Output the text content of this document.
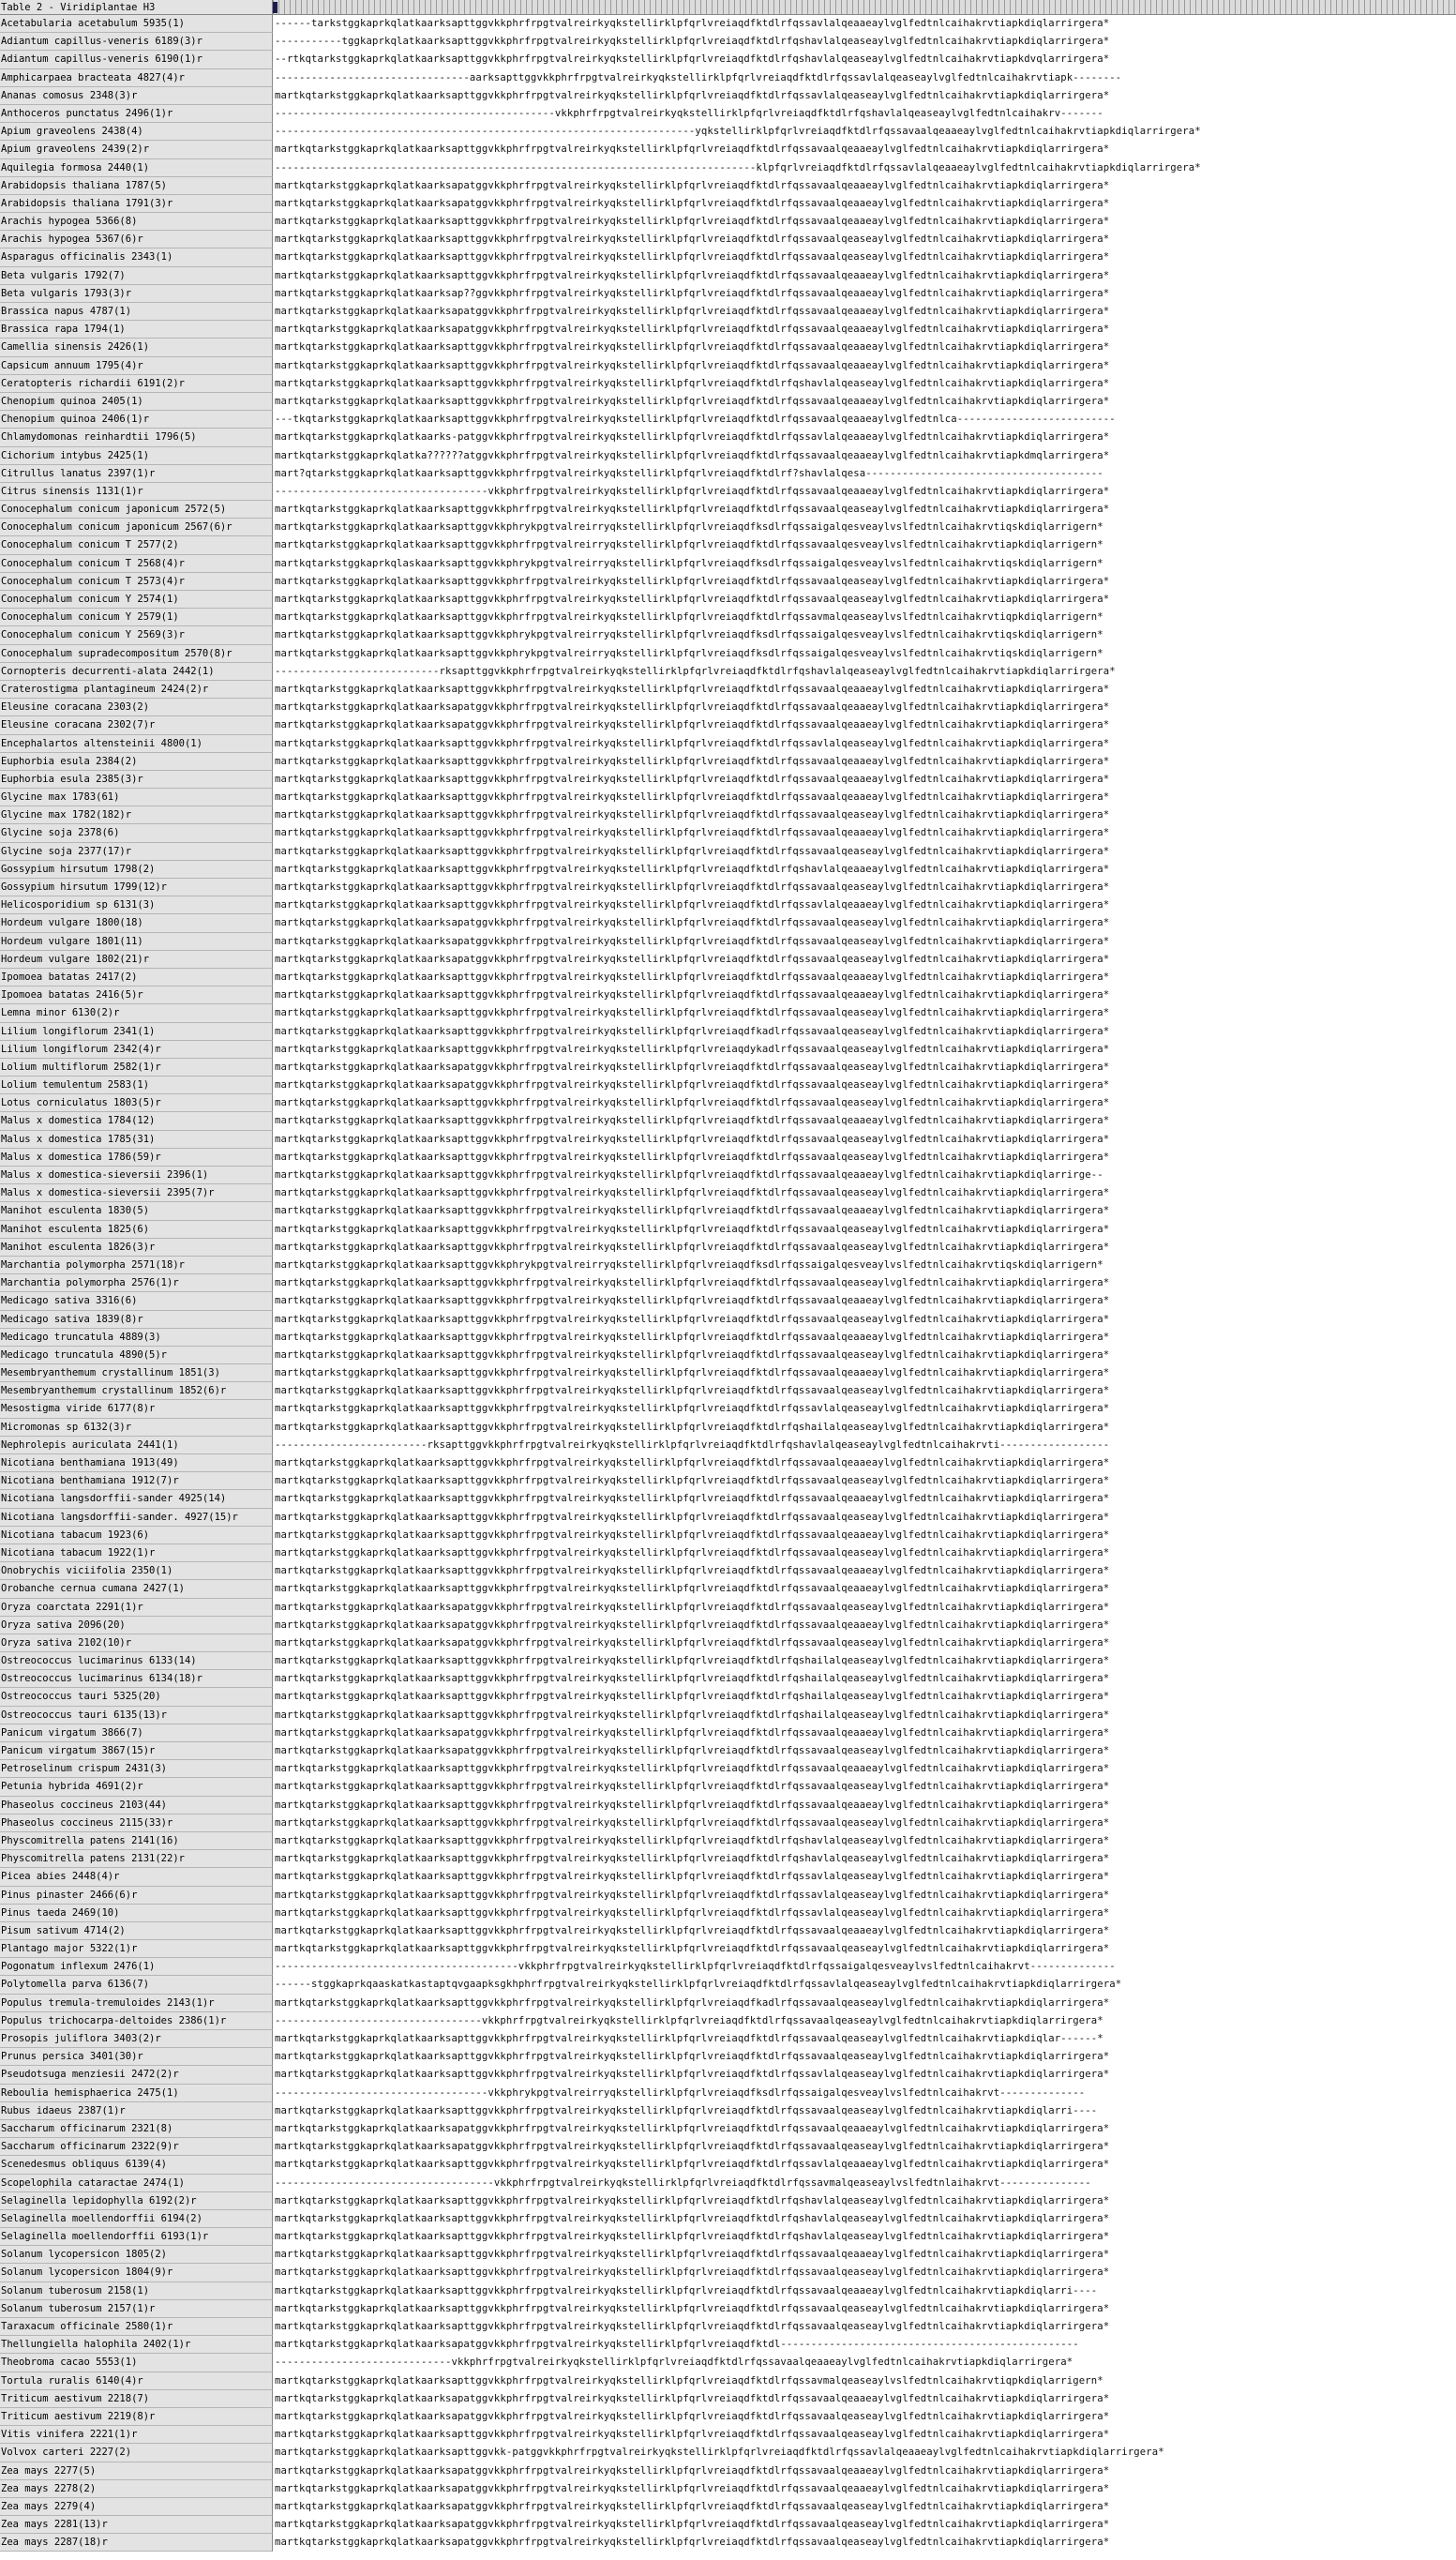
Table 2 - Viridiplantae H3
Acetabularia acetabulum 5935(1)	------tarkstggkaprkqlatkaarksapttggvkkphrfrpgtvalreirkyqkstellirklpfqrlvreiaqdfktdlrfqssavlalqeaaeaylvglfedtnlcaihakrvtiapkdiqlarrirgera*
Adiantum capillus-veneris 6189(3)r	-----------tggkaprkqlatkaarksapttggvkkphrfrpgtvalreirkyqkstellirklpfqrlvreiaqdfktdlrfqshavlalqeaseaylvglfedtnlcaihakrvtiapkdiqlarrirgera*
Adiantum capillus-veneris 6190(1)r	--rtkqtarkstggkaprkqlatkaarksapttggvkkphrfrpgtvalreirkyqkstellirklpfqrlvreiaqdfktdlrfqshavlalqeaseaylvglfedtnlcaihakrvtiapkdvqlarrirgera*
Amphicarpaea bracteata 4827(4)r	--------------------------------aarksapttggvkkphrfrpgtvalreirkyqkstellirklpfqrlvreiaqdfktdlrfqssavlalqeaseaylvglfedtnlcaihakrvtiapk--------
Ananas comosus 2348(3)r	martkqtarkstggkaprkqlatkaarksapttggvkkphrfrpgtvalreirkyqkstellirklpfqrlvreiaqdfktdlrfqssavlalqeaseaylvglfedtnlcaihakrvtiapkdiqlarrirgera*
Anthoceros punctatus 2496(1)r	----------------------------------------------vkkphrfrpgtvalreirkyqkstellirklpfqrlvreiaqdfktdlrfqshavlalqeaseaylvglfedtnlcaihakrv-------
Apium graveolens 2438(4)	---------------------------------------------------------------------yqkstellirklpfqrlvreiaqdfktdlrfqssavaalqeaaeaylvglfedtnlcaihakrvtiapkdiqlarrirgera*
Apium graveolens 2439(2)r	martkqtarkstggkaprkqlatkaarksapttggvkkphrfrpgtvalreirkyqkstellirklpfqrlvreiaqdfktdlrfqssavaalqeaaeaylvglfedtnlcaihakrvtiapkdiqlarrirgera*
Aquilegia formosa 2440(1)	-------------------------------------------------------------------------------klpfqrlvreiaqdfktdlrfqssavlalqeaaeaylvglfedtnlcaihakrvtiapkdiqlarrirgera*
Arabidopsis thaliana 1787(5)	martkqtarkstggkaprkqlatkaarksapatggvkkphrfrpgtvalreirkyqkstellirklpfqrlvreiaqdfktdlrfqssavaalqeaaeaylvglfedtnlcaihakrvtiapkdiqlarrirgera*
Arabidopsis thaliana 1791(3)r	martkqtarkstggkaprkqlatkaarksapatggvkkphrfrpgtvalreirkyqkstellirklpfqrlvreiaqdfktdlrfqssavaalqeaaeaylvglfedtnlcaihakrvtiapkdiqlarrirgera*
Arachis hypogea 5366(8)	martkqtarkstggkaprkqlatkaarksapttggvkkphrfrpgtvalreirkyqkstellirklpfqrlvreiaqdfktdlrfqssavaalqeaaeaylvglfedtnlcaihakrvtiapkdiqlarrirgera*
Arachis hypogea 5367(6)r	martkqtarkstggkaprkqlatkaarksapttggvkkphrfrpgtvalreirkyqkstellirklpfqrlvreiaqdfktdlrfqssavaalqeaseaylvglfedtnlcaihakrvtiapkdiqlarrirgera*
Asparagus officinalis 2343(1)	martkqtarkstggkaprkqlatkaarksapttggvkkphrfrpgtvalreirkyqkstellirklpfqrlvreiaqdfktdlrfqssavaalqeaseaylvglfedtnlcaihakrvtiapkdiqlarrirgera*
Beta vulgaris 1792(7)	martkqtarkstggkaprkqlatkaarksapttggvkkphrfrpgtvalreirkyqkstellirklpfqrlvreiaqdfktdlrfqssavaalqeaaeaylvglfedtnlcaihakrvtiapkdiqlarrirgera*
Beta vulgaris 1793(3)r	martkqtarkstggkaprkqlatkaarksap??ggvkkphrfrpgtvalreirkyqkstellirklpfqrlvreiaqdfktdlrfqssavaalqeaaeaylvglfedtnlcaihakrvtiapkdiqlarrirgera*
Brassica napus 4787(1)	martkqtarkstggkaprkqlatkaarksapatggvkkphrfrpgtvalreirkyqkstellirklpfqrlvreiaqdfktdlrfqssavaalqeaaeaylvglfedtnlcaihakrvtiapkdiqlarrirgera*
Brassica rapa 1794(1)	martkqtarkstggkaprkqlatkaarksapatggvkkphrfrpgtvalreirkyqkstellirklpfqrlvreiaqdfktdlrfqssavaalqeaaeaylvglfedtnlcaihakrvtiapkdiqlarrirgera*
Camellia sinensis 2426(1)	martkqtarkstggkaprkqlatkaarksapttggvkkphrfrpgtvalreirkyqkstellirklpfqrlvreiaqdfktdlrfqssavaalqeaaeaylvglfedtnlcaihakrvtiapkdiqlarrirgera*
Capsicum annuum 1795(4)r	martkqtarkstggkaprkqlatkaarksapttggvkkphrfrpgtvalreirkyqkstellirklpfqrlvreiaqdfktdlrfqssavaalqeaaeaylvglfedtnlcaihakrvtiapkdiqlarrirgera*
Ceratopteris richardii 6191(2)r	martkqtarkstggkaprkqlatkaarksapttggvkkphrfrpgtvalreirkyqkstellirklpfqrlvreiaqdfktdlrfqshavlalqeaseaylvglfedtnlcaihakrvtiapkdiqlarrirgera*
Chenopium quinoa 2405(1)	martkqtarkstggkaprkqlatkaarksapttggvkkphrfrpgtvalreirkyqkstellirklpfqrlvreiaqdfktdlrfqssavaalqeaaeaylvglfedtnlcaihakrvtiapkdiqlarrirgera*
Chenopium quinoa 2406(1)r	---tkqtarkstggkaprkqlatkaarksapttggvkkphrfrpgtvalreirkyqkstellirklpfqrlvreiaqdfktdlrfqssavaalqeaaeaylvglfedtnlca--------------------------
Chlamydomonas reinhardtii 1796(5)	martkqtarkstggkaprkqlatkaarks-patggvkkphrfrpgtvalreirkyqkstellirklpfqrlvreiaqdfktdlrfqssavlalqeaaeaylvglfedtnlcaihakrvtiapkdiqlarrirgera*
Cichorium intybus 2425(1)	martkqtarkstggkaprkqlatka??????atggvkkphrfrpgtvalreirkyqkstellirklpfqrlvreiaqdfktdlrfqssavaalqeaaeaylvglfedtnlcaihakrvtiapkdmqlarrirgera*
Citrullus lanatus 2397(1)r	mart?qtarkstggkaprkqlatkaarksapttggvkkphrfrpgtvalreirkyqkstellirklpfqrlvreiaqdfktdlrf?shavlalqesa---------------------------------------
Citrus sinensis 1131(1)r	-----------------------------------vkkphrfrpgtvalreirkyqkstellirklpfqrlvreiaqdfktdlrfqssavaalqeaaeaylvglfedtnlcaihakrvtiapkdiqlarrirgera*
Conocephalum conicum japonicum 2572(5)	martkqtarkstggkaprkqlatkaarksapttggvkkphrfrpgtvalreirkyqkstellirklpfqrlvreiaqdfktdlrfqssavaalqeaseaylvglfedtnlcaihakrvtiapkdiqlarrirgera*
Conocephalum conicum japonicum 2567(6)r	martkqtarkstggkaprkqlatkaarksapttggvkkphrykpgtvalreirryqkstellirklpfqrlvreiaqdfksdlrfqssaigalqesveaylvslfedtnlcaihakrvtiqskdiqlarrigern*
Conocephalum conicum T 2577(2)	martkqtarkstggkaprkqlatkaarksapttggvkkphrfrpgtvalreirryqkstellirklpfqrlvreiaqdfktdlrfqssavaalqesveaylvslfedtnlcaihakrvtiapkdiqlarrigern*
Conocephalum conicum T 2568(4)r	martkqtarkstggkaprkqlaskaarksapttggvkkphrykpgtvalreirryqkstellirklpfqrlvreiaqdfksdlrfqssaigalqesveaylvslfedtnlcaihakrvtiqskdiqlarrigern*
Conocephalum conicum T 2573(4)r	martkqtarkstggkaprkqlatkaarksapttggvkkphrfrpgtvalreirkyqkstellirklpfqrlvreiaqdfktdlrfqssavaalqeaseaylvglfedtnlcaihakrvtiapkdiqlarrirgera*
Conocephalum conicum Y 2574(1)	martkqtarkstggkaprkqlatkaarksapttggvkkphrfrpgtvalreirkyqkstellirklpfqrlvreiaqdfktdlrfqssavaalqeaseaylvglfedtnlcaihakrvtiapkdiqlarrirgera*
Conocephalum conicum Y 2579(1)	martkqtarkstggkaprkqlatkaarksapttggvkkphrfrpgtvalreirkyqkstellirklpfqrlvreiaqdfktdlrfqssavmalqeaseaylvslfedtnlcaihakrvtiqpkdiqlarrigern*
Conocephalum conicum Y 2569(3)r	martkqtarkstggkaprkqlatkaarksapttggvkkphrykpgtvalreirryqkstellirklpfqrlvreiaqdfksdlrfqssaigalqesveaylvslfedtnlcaihakrvtiqskdiqlarrigern*
Conocephalum supradecompositum 2570(8)r	martkqtarkstggkaprkqlatkaarksapttggvkkphrykpgtvalreirryqkstellirklpfqrlvreiaqdfksdlrfqssaigalqesveaylvslfedtnlcaihakrvtiqskdiqlarrigern*
Cornopteris decurrenti-alata 2442(1)	---------------------------rksapttggvkkphrfrpgtvalreirkyqkstellirklpfqrlvreiaqdfktdlrfqshavlalqeaseaylvglfedtnlcaihakrvtiapkdiqlarrirgera*
Craterostigma plantagineum 2424(2)r	martkqtarkstggkaprkqlatkaarksapttggvkkphrfrpgtvalreirkyqkstellirklpfqrlvreiaqdfktdlrfqssavaalqeaaeaylvglfedtnlcaihakrvtiapkdiqlarrirgera*
Eleusine coracana 2303(2)	martkqtarkstggkaprkqlatkaarksapatggvkkphrfrpgtvalreirkyqkstellirklpfqrlvreiaqdfktdlrfqssavaalqeaaeaylvglfedtnlcaihakrvtiapkdiqlarrirgera*
Eleusine coracana 2302(7)r	martkqtarkstggkaprkqlatkaarksapatggvkkphrfrpgtvalreirkyqkstellirklpfqrlvreiaqdfktdlrfqssavaalqeaaeaylvglfedtnlcaihakrvtiapkdiqlarrirgera*
Encephalartos altensteinii 4800(1)	martkqtarkstggkaprkqlatkaarksapttggvkkphrfrpgtvalreirkyqkstellirklpfqrlvreiaqdfktdlrfqssavlalqeaseaylvglfedtnlcaihakrvtiapkdiqlarrirgera*
Euphorbia esula 2384(2)	martkqtarkstggkaprkqlatkaarksapttggvkkphrfrpgtvalreirkyqkstellirklpfqrlvreiaqdfktdlrfqssavaalqeaaeaylvglfedtnlcaihakrvtiapkdiqlarrirgera*
Euphorbia esula 2385(3)r	martkqtarkstggkaprkqlatkaarksapttggvkkphrfrpgtvalreirkyqkstellirklpfqrlvreiaqdfktdlrfqssavaalqeaaeaylvglfedtnlcaihakrvtiapkdiqlarrirgera*
Glycine max 1783(61)	martkqtarkstggkaprkqlatkaarksapttggvkkphrfrpgtvalreirkyqkstellirklpfqrlvreiaqdfktdlrfqssavaalqeaaeaylvglfedtnlcaihakrvtiapkdiqlarrirgera*
Glycine max 1782(182)r	martkqtarkstggkaprkqlatkaarksapttggvkkphrfrpgtvalreirkyqkstellirklpfqrlvreiaqdfktdlrfqssavaalqeaseaylvglfedtnlcaihakrvtiapkdiqlarrirgera*
Glycine soja 2378(6)	martkqtarkstggkaprkqlatkaarksapttggvkkphrfrpgtvalreirkyqkstellirklpfqrlvreiaqdfktdlrfqssavaalqeaaeaylvglfedtnlcaihakrvtiapkdiqlarrirgera*
Glycine soja 2377(17)r	martkqtarkstggkaprkqlatkaarksapttggvkkphrfrpgtvalreirkyqkstellirklpfqrlvreiaqdfktdlrfqssavaalqeaseaylvglfedtnlcaihakrvtiapkdiqlarrirgera*
Gossypium hirsutum 1798(2)	martkqtarkstggkaprkqlatkaarksapttggvkkphrfrpgtvalreirkyqkstellirklpfqrlvreiaqdfktdlrfqshavlalqeaaeaylvglfedtnlcaihakrvtiapkdiqlarrirgera*
Gossypium hirsutum 1799(12)r	martkqtarkstggkaprkqlatkaarksapttggvkkphrfrpgtvalreirkyqkstellirklpfqrlvreiaqdfktdlrfqssavaalqeaseaylvglfedtnlcaihakrvtiapkdiqlarrirgera*
Helicosporidium sp 6131(3)	martkqtarkstggkaprkqlatkaarksapttggvkkphrfrpgtvalreirkyqkstellirklpfqrlvreiaqdfktdlrfqssavlalqeaaeaylvglfedtnlcaihakrvtiapkdiqlarrirgera*
Hordeum vulgare 1800(18)	martkqtarkstggkaprkqlatkaarksapatggvkkphrfrpgtvalreirkyqkstellirklpfqrlvreiaqdfktdlrfqssavaalqeaseaylvglfedtnlcaihakrvtiapkdiqlarrirgera*
Hordeum vulgare 1801(11)	martkqtarkstggkaprkqlatkaarksapatggvkkphrfrpgtvalreirkyqkstellirklpfqrlvreiaqdfktdlrfqssavaalqeaseaylvglfedtnlcaihakrvtiapkdiqlarrirgera*
Hordeum vulgare 1802(21)r	martkqtarkstggkaprkqlatkaarksapatggvkkphrfrpgtvalreirkyqkstellirklpfqrlvreiaqdfktdlrfqssavaalqeaseaylvglfedtnlcaihakrvtiapkdiqlarrirgera*
Ipomoea batatas 2417(2)	martkqtarkstggkaprkqlatkaarksapttggvkkphrfrpgtvalreirkyqkstellirklpfqrlvreiaqdfktdlrfqssavaalqeaaeaylvglfedtnlcaihakrvtiapkdiqlarrirgera*
Ipomoea batatas 2416(5)r	martkqtarkstggkaprkqlatkaarksapttggvkkphrfrpgtvalreirkyqkstellirklpfqrlvreiaqdfktdlrfqssavaalqeaaeaylvglfedtnlcaihakrvtiapkdiqlarrirgera*
Lemna minor 6130(2)r	martkqtarkstggkaprkqlatkaarksapttggvkkphrfrpgtvalreirkyqkstellirklpfqrlvreiaqdfktdlrfqssavaalqeaseaylvglfedtnlcaihakrvtiapkdiqlarrirgera*
Lilium longiflorum 2341(1)	martkqtarkstggkaprkqlatkaarksapttggvkkphrfrpgtvalreirkyqkstellirklpfqrlvreiaqdfkadlrfqssavaalqeaseaylvglfedtnlcaihakrvtiapkdiqlarrirgera*
Lilium longiflorum 2342(4)r	martkqtarkstggkaprkqlatkaarksapttggvkkphrfrpgtvalreirkyqkstellirklpfqrlvreiaqdykadlrfqssavaalqeaseaylvglfedtnlcaihakrvtiapkdiqlarrirgera*
Lolium multiflorum 2582(1)r	martkqtarkstggkaprkqlatkaarksapatggvkkphrfrpgtvalreirkyqkstellirklpfqrlvreiaqdfktdlrfqssavaalqeaseaylvglfedtnlcaihakrvtiapkdiqlarrirgera*
Lolium temulentum 2583(1)	martkqtarkstggkaprkqlatkaarksapatggvkkphrfrpgtvalreirkyqkstellirklpfqrlvreiaqdfktdlrfqssavaalqeaseaylvglfedtnlcaihakrvtiapkdiqlarrirgera*
Lotus corniculatus 1803(5)r	martkqtarkstggkaprkqlatkaarksapttggvkkphrfrpgtvalreirkyqkstellirklpfqrlvreiaqdfktdlrfqssavaalqeaseaylvglfedtnlcaihakrvtiapkdiqlarrirgera*
Malus x domestica 1784(12)	martkqtarkstggkaprkqlatkaarksapttggvkkphrfrpgtvalreirkyqkstellirklpfqrlvreiaqdfktdlrfqssavaalqeaaeaylvglfedtnlcaihakrvtiapkdiqlarrirgera*
Malus x domestica 1785(31)	martkqtarkstggkaprkqlatkaarksapttggvkkphrfrpgtvalreirkyqkstellirklpfqrlvreiaqdfktdlrfqssavaalqeaseaylvglfedtnlcaihakrvtiapkdiqlarrirgera*
Malus x domestica 1786(59)r	martkqtarkstggkaprkqlatkaarksapttggvkkphrfrpgtvalreirkyqkstellirklpfqrlvreiaqdfktdlrfqssavaalqeaseaylvglfedtnlcaihakrvtiapkdiqlarrirgera*
Malus x domestica-sieversii 2396(1)	martkqtarkstggkaprkqlatkaarksapttggvkkphrfrpgtvalreirkyqkstellirklpfqrlvreiaqdfktdlrfqssavaalqeaaeaylvglfedtnlcaihakrvtiapkdiqlarrirge--
Malus x domestica-sieversii 2395(7)r	martkqtarkstggkaprkqlatkaarksapttggvkkphrfrpgtvalreirkyqkstellirklpfqrlvreiaqdfktdlrfqssavaalqeaseaylvglfedtnlcaihakrvtiapkdiqlarrirgera*
Manihot esculenta 1830(5)	martkqtarkstggkaprkqlatkaarksapttggvkkphrfrpgtvalreirkyqkstellirklpfqrlvreiaqdfktdlrfqssavaalqeaaeaylvglfedtnlcaihakrvtiapkdiqlarrirgera*
Manihot esculenta 1825(6)	martkqtarkstggkaprkqlatkaarksapttggvkkphrfrpgtvalreirkyqkstellirklpfqrlvreiaqdfktdlrfqssavaalqeaseaylvglfedtnlcaihakrvtiapkdiqlarrirgera*
Manihot esculenta 1826(3)r	martkqtarkstggkaprkqlatkaarksapttggvkkphrfrpgtvalreirkyqkstellirklpfqrlvreiaqdfktdlrfqssavaalqeaseaylvglfedtnlcaihakrvtiapkdiqlarrirgera*
Marchantia polymorpha 2571(18)r	martkqtarkstggkaprkqlatkaarksapttggvkkphrykpgtvalreirryqkstellirklpfqrlvreiaqdfksdlrfqssaigalqesveaylvslfedtnlcaihakrvtiqskdiqlarrigern*
Marchantia polymorpha 2576(1)r	martkqtarkstggkaprkqlatkaarksapttggvkkphrfrpgtvalreirkyqkstellirklpfqrlvreiaqdfktdlrfqssavaalqeaseaylvglfedtnlcaihakrvtiapkdiqlarrirgera*
Medicago sativa 3316(6)	martkqtarkstggkaprkqlatkaarksapttggvkkphrfrpgtvalreirkyqkstellirklpfqrlvreiaqdfktdlrfqssavaalqeaaeaylvglfedtnlcaihakrvtiapkdiqlarrirgera*
Medicago sativa 1839(8)r	martkqtarkstggkaprkqlatkaarksapttggvkkphrfrpgtvalreirkyqkstellirklpfqrlvreiaqdfktdlrfqssavaalqeaseaylvglfedtnlcaihakrvtiapkdiqlarrirgera*
Medicago truncatula 4889(3)	martkqtarkstggkaprkqlatkaarksapttggvkkphrfrpgtvalreirkyqkstellirklpfqrlvreiaqdfktdlrfqssavaalqeaaeaylvglfedtnlcaihakrvtiapkdiqlarrirgera*
Medicago truncatula 4890(5)r	martkqtarkstggkaprkqlatkaarksapttggvkkphrfrpgtvalreirkyqkstellirklpfqrlvreiaqdfktdlrfqssavaalqeaseaylvglfedtnlcaihakrvtiapkdiqlarrirgera*
Mesembryanthemum crystallinum 1851(3)	martkqtarkstggkaprkqlatkaarksapttggvkkphrfrpgtvalreirkyqkstellirklpfqrlvreiaqdfktdlrfqssavaalqeaaeaylvglfedtnlcaihakrvtiapkdiqlarrirgera*
Mesembryanthemum crystallinum 1852(6)r	martkqtarkstggkaprkqlatkaarksapttggvkkphrfrpgtvalreirkyqkstellirklpfqrlvreiaqdfktdlrfqssavaalqeaseaylvglfedtnlcaihakrvtiapkdiqlarrirgera*
Mesostigma viride 6177(8)r	martkqtarkstggkaprkqlatkaarksapttggvkkphrfrpgtvalreirkyqkstellirklpfqrlvreiaqdfktdlrfqssavlalqeaseaylvglfedtnlcaihakrvtiapkdiqlarrirgera*
Micromonas sp 6132(3)r	martkqtarkstggkaprkqlatkaarksapttggvkkphrfrpgtvalreirkyqkstellirklpfqrlvreiaqdfktdlrfqshailalqeaseaylvglfedtnlcaihakrvtiapkdiqlarrirgera*
Nephrolepis auriculata 2441(1)	-------------------------rksapttggvkkphrfrpgtvalreirkyqkstellirklpfqrlvreiaqdfktdlrfqshavlalqeaseaylvglfedtnlcaihakrvti------------------
Nicotiana benthamiana 1913(49)	martkqtarkstggkaprkqlatkaarksapttggvkkphrfrpgtvalreirkyqkstellirklpfqrlvreiaqdfktdlrfqssavaalqeaaeaylvglfedtnlcaihakrvtiapkdiqlarrirgera*
Nicotiana benthamiana 1912(7)r	martkqtarkstggkaprkqlatkaarksapttggvkkphrfrpgtvalreirkyqkstellirklpfqrlvreiaqdfktdlrfqssavaalqeaseaylvglfedtnlcaihakrvtiapkdiqlarrirgera*
Nicotiana langsdorffii-sander 4925(14)	martkqtarkstggkaprkqlatkaarksapttggvkkphrfrpgtvalreirkyqkstellirklpfqrlvreiaqdfktdlrfqssavaalqeaaeaylvglfedtnlcaihakrvtiapkdiqlarrirgera*
Nicotiana langsdorffii-sander. 4927(15)r	martkqtarkstggkaprkqlatkaarksapttggvkkphrfrpgtvalreirkyqkstellirklpfqrlvreiaqdfktdlrfqssavaalqeaseaylvglfedtnlcaihakrvtiapkdiqlarrirgera*
Nicotiana tabacum 1923(6)	martkqtarkstggkaprkqlatkaarksapttggvkkphrfrpgtvalreirkyqkstellirklpfqrlvreiaqdfktdlrfqssavaalqeaaeaylvglfedtnlcaihakrvtiapkdiqlarrirgera*
Nicotiana tabacum 1922(1)r	martkqtarkstggkaprkqlatkaarksapttggvkkphrfrpgtvalreirkyqkstellirklpfqrlvreiaqdfktdlrfqssavaalqeaseaylvglfedtnlcaihakrvtiapkdiqlarrirgera*
Onobrychis viciifolia 2350(1)	martkqtarkstggkaprkqlatkaarksapttggvkkphrfrpgtvalreirkyqkstellirklpfqrlvreiaqdfktdlrfqssavaalqeaaeaylvglfedtnlcaihakrvtiapkdiqlarrirgera*
Orobanche cernua cumana 2427(1)	martkqtarkstggkaprkqlatkaarksapttggvkkphrfrpgtvalreirkyqkstellirklpfqrlvreiaqdfktdlrfqssavaalqeaaeaylvglfedtnlcaihakrvtiapkdiqlarrirgera*
Oryza coarctata 2291(1)r	martkqtarkstggkaprkqlatkaarksapatggvkkphrfrpgtvalreirkyqkstellirklpfqrlvreiaqdfktdlrfqssavaalqeaseaylvglfedtnlcaihakrvtiapkdiqlarrirgera*
Oryza sativa 2096(20)	martkqtarkstggkaprkqlatkaarksapatggvkkphrfrpgtvalreirkyqkstellirklpfqrlvreiaqdfktdlrfqssavaalqeaaeaylvglfedtnlcaihakrvtiapkdiqlarrirgera*
Oryza sativa 2102(10)r	martkqtarkstggkaprkqlatkaarksapatggvkkphrfrpgtvalreirkyqkstellirklpfqrlvreiaqdfktdlrfqssavaalqeaseaylvglfedtnlcaihakrvtiapkdiqlarrirgera*
Ostreococcus lucimarinus 6133(14)	martkqtarkstggkaprkqlatkaarksapttggvkkphrfrpgtvalreirkyqkstellirklpfqrlvreiaqdfktdlrfqshailalqeaseaylvglfedtnlcaihakrvtiapkdiqlarrirgera*
Ostreococcus lucimarinus 6134(18)r	martkqtarkstggkaprkqlatkaarksapttggvkkphrfrpgtvalreirkyqkstellirklpfqrlvreiaqdfktdlrfqshailalqeaseaylvglfedtnlcaihakrvtiapkdiqlarrirgera*
Ostreococcus tauri 5325(20)	martkqtarkstggkaprkqlatkaarksapttggvkkphrfrpgtvalreirkyqkstellirklpfqrlvreiaqdfktdlrfqshailalqeaseaylvglfedtnlcaihakrvtiapkdiqlarrirgera*
Ostreococcus tauri 6135(13)r	martkqtarkstggkaprkqlatkaarksapttggvkkphrfrpgtvalreirkyqkstellirklpfqrlvreiaqdfktdlrfqshailalqeaseaylvglfedtnlcaihakrvtiapkdiqlarrirgera*
Panicum virgatum 3866(7)	martkqtarkstggkaprkqlatkaarksapatggvkkphrfrpgtvalreirkyqkstellirklpfqrlvreiaqdfktdlrfqssavaalqeaaeaylvglfedtnlcaihakrvtiapkdiqlarrirgera*
Panicum virgatum 3867(15)r	martkqtarkstggkaprkqlatkaarksapatggvkkphrfrpgtvalreirkyqkstellirklpfqrlvreiaqdfktdlrfqssavaalqeaseaylvglfedtnlcaihakrvtiapkdiqlarrirgera*
Petroselinum crispum 2431(3)	martkqtarkstggkaprkqlatkaarksapttggvkkphrfrpgtvalreirkyqkstellirklpfqrlvreiaqdfktdlrfqssavaalqeaaeaylvglfedtnlcaihakrvtiapkdiqlarrirgera*
Petunia hybrida 4691(2)r	martkqtarkstggkaprkqlatkaarksapttggvkkphrfrpgtvalreirkyqkstellirklpfqrlvreiaqdfktdlrfqssavaalqeaseaylvglfedtnlcaihakrvtiapkdiqlarrirgera*
Phaseolus coccineus 2103(44)	martkqtarkstggkaprkqlatkaarksapttggvkkphrfrpgtvalreirkyqkstellirklpfqrlvreiaqdfktdlrfqssavaalqeaaeaylvglfedtnlcaihakrvtiapkdiqlarrirgera*
Phaseolus coccineus 2115(33)r	martkqtarkstggkaprkqlatkaarksapttggvkkphrfrpgtvalreirkyqkstellirklpfqrlvreiaqdfktdlrfqssavaalqeaseaylvglfedtnlcaihakrvtiapkdiqlarrirgera*
Physcomitrella patens 2141(16)	martkqtarkstggkaprkqlatkaarksapttggvkkphrfrpgtvalreirkyqkstellirklpfqrlvreiaqdfktdlrfqshavlalqeaseaylvglfedtnlcaihakrvtiapkdiqlarrirgera*
Physcomitrella patens 2131(22)r	martkqtarkstggkaprkqlatkaarksapttggvkkphrfrpgtvalreirkyqkstellirklpfqrlvreiaqdfktdlrfqshavlalqeaseaylvglfedtnlcaihakrvtiapkdiqlarrirgera*
Picea abies 2448(4)r	martkqtarkstggkaprkqlatkaarksapttggvkkphrfrpgtvalreirkyqkstellirklpfqrlvreiaqdfktdlrfqssavlalqeaseaylvglfedtnlcaihakrvtiapkdiqlarrirgera*
Pinus pinaster 2466(6)r	martkqtarkstggkaprkqlatkaarksapttggvkkphrfrpgtvalreirkyqkstellirklpfqrlvreiaqdfktdlrfqssavlalqeaseaylvglfedtnlcaihakrvtiapkdiqlarrirgera*
Pinus taeda 2469(10)	martkqtarkstggkaprkqlatkaarksapttggvkkphrfrpgtvalreirkyqkstellirklpfqrlvreiaqdfktdlrfqssavlalqeaseaylvglfedtnlcaihakrvtiapkdiqlarrirgera*
Pisum sativum 4714(2)	martkqtarkstggkaprkqlatkaarksapttggvkkphrfrpgtvalreirkyqkstellirklpfqrlvreiaqdfktdlrfqssavaalqeaaeaylvglfedtnlcaihakrvtiapkdiqlarrirgera*
Plantago major 5322(1)r	martkqtarkstggkaprkqlatkaarksapttggvkkphrfrpgtvalreirkyqkstellirklpfqrlvreiaqdfktdlrfqssavaalqeaseaylvglfedtnlcaihakrvtiapkdiqlarrirgera*
Pogonatum inflexum 2476(1)	----------------------------------------vkkphrfrpgtvalreirkyqkstellirklpfqrlvreiaqdfktdlrfqssaigalqesveaylvslfedtnlcaihakrvt--------------
Polytomella parva 6136(7)	------stggkaprkqaaskatkastaptqvgaapksgkhphrfrpgtvalreirkyqkstellirklpfqrlvreiaqdfktdlrfqssavlalqeaseaylvglfedtnlcaihakrvtiapkdiqlarrirgera*
Populus tremula-tremuloides 2143(1)r	martkqtarkstggkaprkqlatkaarksapttggvkkphrfrpgtvalreirkyqkstellirklpfqrlvreiaqdfkadlrfqssavaalqeaseaylvglfedtnlcaihakrvtiapkdiqlarrirgera*
Populus trichocarpa-deltoides 2386(1)r	----------------------------------vkkphrfrpgtvalreirkyqkstellirklpfqrlvreiaqdfktdlrfqssavaalqeaseaylvglfedtnlcaihakrvtiapkdiqlarrirgera*
Prosopis juliflora 3403(2)r	martkqtarkstggkaprkqlatkaarksapttggvkkphrfrpgtvalreirkyqkstellirklpfqrlvreiaqdfktdlrfqssavaalqeaseaylvglfedtnlcaihakrvtiapkdiqlar------*
Prunus persica 3401(30)r	martkqtarkstggkaprkqlatkaarksapttggvkkphrfrpgtvalreirkyqkstellirklpfqrlvreiaqdfktdlrfqssavaalqeaseaylvglfedtnlcaihakrvtiapkdiqlarrirgera*
Pseudotsuga menziesii 2472(2)r	martkqtarkstggkaprkqlatkaarksapttggvkkphrfrpgtvalreirkyqkstellirklpfqrlvreiaqdfktdlrfqssavlalqeaseaylvglfedtnlcaihakrvtiapkdiqlarrirgera*
Reboulia hemisphaerica 2475(1)	-----------------------------------vkkphrykpgtvalreirryqkstellirklpfqrlvreiaqdfksdlrfqssaigalqesveaylvslfedtnlcaihakrvt--------------
Rubus idaeus 2387(1)r	martkqtarkstggkaprkqlatkaarksapttggvkkphrfrpgtvalreirkyqkstellirklpfqrlvreiaqdfktdlrfqssavaalqeaseaylvglfedtnlcaihakrvtiapkdiqlarri----
Saccharum officinarum 2321(8)	martkqtarkstggkaprkqlatkaarksapatggvkkphrfrpgtvalreirkyqkstellirklpfqrlvreiaqdfktdlrfqssavaalqeaaeaylvglfedtnlcaihakrvtiapkdiqlarrirgera*
Saccharum officinarum 2322(9)r	martkqtarkstggkaprkqlatkaarksapatggvkkphrfrpgtvalreirkyqkstellirklpfqrlvreiaqdfktdlrfqssavaalqeaseaylvglfedtnlcaihakrvtiapkdiqlarrirgera*
Scenedesmus obliquus 6139(4)	martkqtarkstggkaprkqlatkaarksapttggvkkphrfrpgtvalreirkyqkstellirklpfqrlvreiaqdfktdlrfqssavlalqeaaeaylvglfedtnlcaihakrvtiapkdiqlarrirgera*
Scopelophila cataractae 2474(1)	------------------------------------vkkphrfrpgtvalreirkyqkstellirklpfqrlvreiaqdfktdlrfqssavmalqeaseaylvslfedtnlaihakrvt---------------
Selaginella lepidophylla 6192(2)r	martkqtarkstggkaprkqlatkaarksapttggvkkphrfrpgtvalreirkyqkstellirklpfqrlvreiaqdfktdlrfqshavlalqeaseaylvglfedtnlcaihakrvtiapkdiqlarrirgera*
Selaginella moellendorffii 6194(2)	martkqtarkstggkaprkqlatkaarksapttggvkkphrfrpgtvalreirkyqkstellirklpfqrlvreiaqdfktdlrfqshavlalqeaseaylvglfedtnlcaihakrvtiapkdiqlarrirgera*
Selaginella moellendorffii 6193(1)r	martkqtarkstggkaprkqlatkaarksapttggvkkphrfrpgtvalreirkyqkstellirklpfqrlvreiaqdfktdlrfqshavlalqeaseaylvglfedtnlcaihakrvtiapkdiqlarrirgera*
Solanum lycopersicon 1805(2)	martkqtarkstggkaprkqlatkaarksapttggvkkphrfrpgtvalreirkyqkstellirklpfqrlvreiaqdfktdlrfqssavaalqeaaeaylvglfedtnlcaihakrvtiapkdiqlarrirgera*
Solanum lycopersicon 1804(9)r	martkqtarkstggkaprkqlatkaarksapttggvkkphrfrpgtvalreirkyqkstellirklpfqrlvreiaqdfktdlrfqssavaalqeaseaylvglfedtnlcaihakrvtiapkdiqlarrirgera*
Solanum tuberosum 2158(1)	martkqtarkstggkaprkqlatkaarksapttggvkkphrfrpgtvalreirkyqkstellirklpfqrlvreiaqdfktdlrfqssavaalqeaaeaylvglfedtnlcaihakrvtiapkdiqlarri----
Solanum tuberosum 2157(1)r	martkqtarkstggkaprkqlatkaarksapttggvkkphrfrpgtvalreirkyqkstellirklpfqrlvreiaqdfktdlrfqssavaalqeaseaylvglfedtnlcaihakrvtiapkdiqlarrirgera*
Taraxacum officinale 2580(1)r	martkqtarkstggkaprkqlatkaarksapttggvkkphrfrpgtvalreirkyqkstellirklpfqrlvreiaqdfktdlrfqssavaalqeaseaylvglfedtnlcaihakrvtiapkdiqlarrirgera*
Thellungiella halophila 2402(1)r	martkqtarkstggkaprkqlatkaarksapatggvkkphrfrpgtvalreirkyqkstellirklpfqrlvreiaqdfktdl-------------------------------------------------
Theobroma cacao 5553(1)	-----------------------------vkkphrfrpgtvalreirkyqkstellirklpfqrlvreiaqdfktdlrfqssavaalqeaaeaylvglfedtnlcaihakrvtiapkdiqlarrirgera*
Tortula ruralis 6140(4)r	martkqtarkstggkaprkqlatkaarksapttggvkkphrfrpgtvalreirkyqkstellirklpfqrlvreiaqdfktdlrfqssavmalqeaseaylvslfedtnlcaihakrvtiqpkdiqlarrigern*
Triticum aestivum 2218(7)	martkqtarkstggkaprkqlatkaarksapatggvkkphrfrpgtvalreirkyqkstellirklpfqrlvreiaqdfktdlrfqssavaalqeaaeaylvglfedtnlcaihakrvtiapkdiqlarrirgera*
Triticum aestivum 2219(8)r	martkqtarkstggkaprkqlatkaarksapatggvkkphrfrpgtvalreirkyqkstellirklpfqrlvreiaqdfktdlrfqssavaalqeaseaylvglfedtnlcaihakrvtiapkdiqlarrirgera*
Vitis vinifera 2221(1)r	martkqtarkstggkaprkqlatkaarksapttggvkkphrfrpgtvalreirkyqkstellirklpfqrlvreiaqdfktdlrfqssavaalqeaseaylvglfedtnlcaihakrvtiapkdiqlarrirgera*
Volvox carteri 2227(2)	martkqtarkstggkaprkqlatkaarksapttggvkk-patggvkkphrfrpgtvalreirkyqkstellirklpfqrlvreiaqdfktdlrfqssavlalqeaaeaylvglfedtnlcaihakrvtiapkdiqlarrirgera*
Zea mays 2277(5)	martkqtarkstggkaprkqlatkaarksapatggvkkphrfrpgtvalreirkyqkstellirklpfqrlvreiaqdfktdlrfqssavaalqeaaeaylvglfedtnlcaihakrvtiapkdiqlarrirgera*
Zea mays 2278(2)	martkqtarkstggkaprkqlatkaarksapatggvkkphrfrpgtvalreirkyqkstellirklpfqrlvreiaqdfktdlrfqssavaalqeaaeaylvglfedtnlcaihakrvtiapkdiqlarrirgera*
Zea mays 2279(4)	martkqtarkstggkaprkqlatkaarksapatggvkkphrfrpgtvalreirkyqkstellirklpfqrlvreiaqdfktdlrfqssavaalqeaseaylvglfedtnlcaihakrvtiapkdiqlarrirgera*
Zea mays 2281(13)r	martkqtarkstggkaprkqlatkaarksapatggvkkphrfrpgtvalreirkyqkstellirklpfqrlvreiaqdfktdlrfqssavaalqeaseaylvglfedtnlcaihakrvtiapkdiqlarrirgera*
Zea mays 2287(18)r	martkqtarkstggkaprkqlatkaarksapatggvkkphrfrpgtvalreirkyqkstellirklpfqrlvreiaqdfktdlrfqssavaalqeaseaylvglfedtnlcaihakrvtiapkdiqlarrirgera*
